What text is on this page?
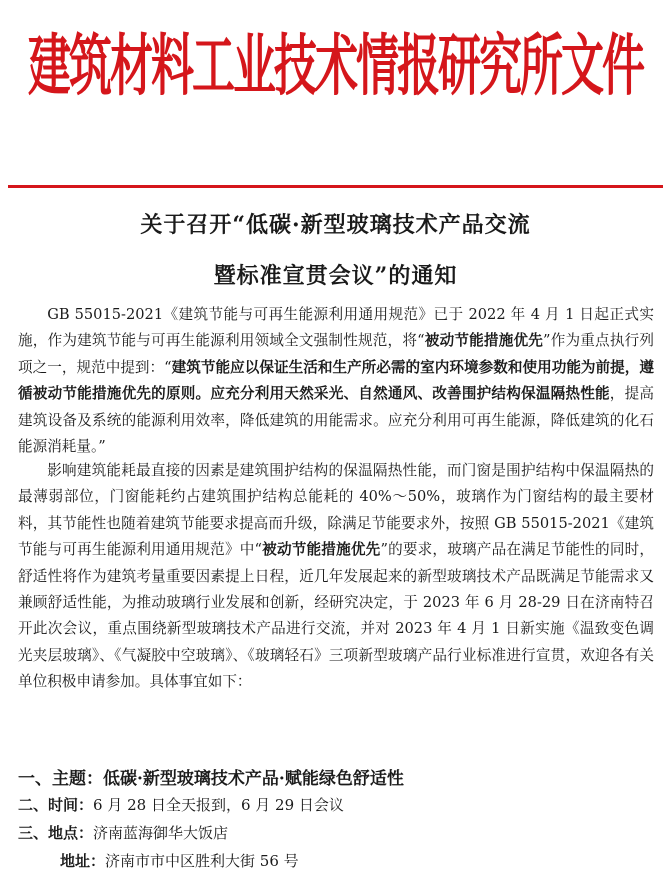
建筑材料工业技术情报研究所文件
关于召开“低碳·新型玻璃技术产品交流
暨标准宣贯会议”的通知

GB 55015-2021《建筑节能与可再生能源利用通用规范》已于 2022 年 4 月 1 日起正式实施，作为建筑节能与可再生能源利用领域全文强制性规范，将“被动节能措施优先”作为重点执行列项之一，规范中提到：“建筑节能应以保证生活和生产所必需的室内环境参数和使用功能为前提，遵循被动节能措施优先的原则。应充分利用天然采光、自然通风、改善围护结构保温隔热性能，提高建筑设备及系统的能源利用效率，降低建筑的用能需求。应充分利用可再生能源，降低建筑的化石能源消耗量。”

影响建筑能耗最直接的因素是建筑围护结构的保温隔热性能，而门窗是围护结构中保温隔热的最薄弱部位，门窗能耗约占建筑围护结构总能耗的 40%～50%，玻璃作为门窗结构的最主要材料，其节能性也随着建筑节能要求提高而升级，除满足节能要求外，按照 GB 55015-2021《建筑节能与可再生能源利用通用规范》中“被动节能措施优先”的要求，玻璃产品在满足节能性的同时，舒适性将作为建筑考量重要因素提上日程，近几年发展起来的新型玻璃技术产品既满足节能需求又兼顾舒适性能，为推动玻璃行业发展和创新，经研究决定，于 2023 年 6 月 28-29 日在济南特召开此次会议，重点围绕新型玻璃技术产品进行交流，并对 2023 年 4 月 1 日新实施《温致变色调光夹层玻璃》、《气凝胶中空玻璃》、《玻璃轻石》三项新型玻璃产品行业标准进行宣贯，欢迎各有关单位积极申请参加。具体事宜如下：

一、主题：低碳·新型玻璃技术产品·赋能绿色舒适性
二、时间：6 月 28 日全天报到，6 月 29 日会议
三、地点：济南蓝海御华大饭店
地址：济南市市中区胜利大街 56 号
